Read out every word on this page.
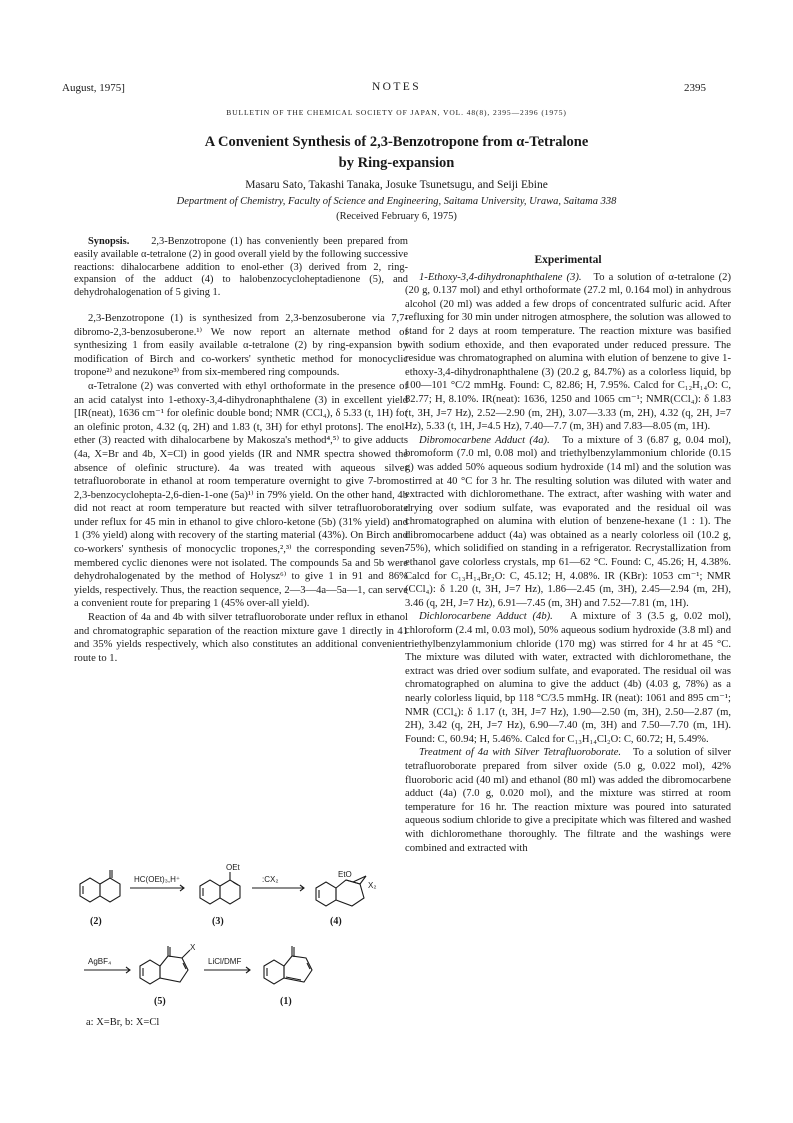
August, 1975]	NOTES	2395
BULLETIN OF THE CHEMICAL SOCIETY OF JAPAN, VOL. 48(8), 2395—2396 (1975)
A Convenient Synthesis of 2,3-Benzotropone from α-Tetralone
by Ring-expansion
Masaru Sato, Takashi Tanaka, Josuke Tsunetsugu, and Seiji Ebine
Department of Chemistry, Faculty of Science and Engineering, Saitama University, Urawa, Saitama 338
(Received February 6, 1975)

Synopsis. 2,3-Benzotropone (1) has conveniently been prepared from easily available α-tetralone (2) in good overall yield by the following successive reactions: dihalocarbene addition to enol-ether (3) derived from 2, ring-expansion of the adduct (4) to halobenzocycloheptadienone (5), and dehydrohalogenation of 5 giving 1.

2,3-Benzotropone (1) is synthesized from 2,3-benzosuberone via 7,7-dibromo-2,3-benzosuberone.¹⁾ We now report an alternate method of synthesizing 1 from easily available α-tetralone (2) by ring-expansion by modification of Birch and co-workers' synthetic method for monocyclic tropone²⁾ and nezukone³⁾ from six-membered ring compounds.

α-Tetralone (2) was converted with ethyl orthoformate in the presence of an acid catalyst into 1-ethoxy-3,4-dihydronaphthalene (3) in excellent yield [IR(neat), 1636 cm⁻¹ for olefinic double bond; NMR (CCl₄), δ 5.33 (t, 1H) for an olefinic proton, 4.32 (q, 2H) and 1.83 (t, 3H) for ethyl protons]. The enol-ether (3) reacted with dihalocarbene by Makosza's method⁴,⁵⁾ to give adducts (4a, X=Br and 4b, X=Cl) in good yields (IR and NMR spectra showed the absence of olefinic structure). 4a was treated with aqueous silver tetrafluoroborate in ethanol at room temperature overnight to give 7-bromo-2,3-benzocyclohepta-2,6-dien-1-one (5a)¹⁾ in 79% yield. On the other hand, 4b did not react at room temperature but reacted with silver tetrafluoroborate under reflux for 45 min in ethanol to give chloro-ketone (5b) (31% yield) and 1 (3% yield) along with recovery of the starting material (43%). On Birch and co-workers' synthesis of monocyclic tropones,²,³⁾ the corresponding seven-membered cyclic dienones were not isolated. The compounds 5a and 5b were dehydrohalogenated by the method of Holysz⁶⁾ to give 1 in 91 and 86% yields, respectively. Thus, the reaction sequence, 2—3—4a—5a—1, can serve a convenient route for preparing 1 (45% over-all yield).

Reaction of 4a and 4b with silver tetrafluoroborate under reflux in ethanol and chromatographic separation of the reaction mixture gave 1 directly in 41 and 35% yields respectively, which also constitutes an additional convenient route to 1.

HC(OEt)₃,H⁺	:CX₂
AgBF₄	LiCl/DMF
OEt
EtO
X₂
X
(2)	(3)	(4)
(5)	(1)
a: X=Br, b: X=Cl
Experimental

1-Ethoxy-3,4-dihydronaphthalene (3). To a solution of α-tetralone (2) (20 g, 0.137 mol) and ethyl orthoformate (27.2 ml, 0.164 mol) in anhydrous alcohol (20 ml) was added a few drops of concentrated sulfuric acid. After refluxing for 30 min under nitrogen atmosphere, the solution was allowed to stand for 2 days at room temperature. The reaction mixture was basified with sodium ethoxide, and then evaporated under reduced pressure. The residue was chromatographed on alumina with elution of benzene to give 1-ethoxy-3,4-dihydronaphthalene (3) (20.2 g, 84.7%) as a colorless liquid, bp 100—101 °C/2 mmHg. Found: C, 82.86; H, 7.95%. Calcd for C₁₂H₁₄O: C, 82.77; H, 8.10%. IR(neat): 1636, 1250 and 1065 cm⁻¹; NMR(CCl₄): δ 1.83 (t, 3H, J=7 Hz), 2.52—2.90 (m, 2H), 3.07—3.33 (m, 2H), 4.32 (q, 2H, J=7 Hz), 5.33 (t, 1H, J=4.5 Hz), 7.40—7.7 (m, 3H) and 7.83—8.05 (m, 1H).

Dibromocarbene Adduct (4a). To a mixture of 3 (6.87 g, 0.04 mol), bromoform (7.0 ml, 0.08 mol) and triethylbenzylammonium chloride (0.15 g) was added 50% aqueous sodium hydroxide (14 ml) and the solution was stirred at 40 °C for 3 hr. The resulting solution was diluted with water and extracted with dichloromethane. The extract, after washing with water and drying over sodium sulfate, was evaporated and the residual oil was chromatographed on alumina with elution of benzene-hexane (1 : 1). The dibromocarbene adduct (4a) was obtained as a nearly colorless oil (10.2 g, 75%), which solidified on standing in a refrigerator. Recrystallization from ethanol gave colorless crystals, mp 61—62 °C. Found: C, 45.26; H, 4.38%. Calcd for C₁₃H₁₄Br₂O: C, 45.12; H, 4.08%. IR (KBr): 1053 cm⁻¹; NMR (CCl₄): δ 1.20 (t, 3H, J=7 Hz), 1.86—2.45 (m, 3H), 2.45—2.94 (m, 2H), 3.46 (q, 2H, J=7 Hz), 6.91—7.45 (m, 3H) and 7.52—7.81 (m, 1H).

Dichlorocarbene Adduct (4b). A mixture of 3 (3.5 g, 0.02 mol), chloroform (2.4 ml, 0.03 mol), 50% aqueous sodium hydroxide (3.8 ml) and triethylbenzylammonium chloride (170 mg) was stirred for 4 hr at 45 °C. The mixture was diluted with water, extracted with dichloromethane, the extract was dried over sodium sulfate, and evaporated. The residual oil was chromatographed on alumina to give the adduct (4b) (4.03 g, 78%) as a nearly colorless liquid, bp 118 °C/3.5 mmHg. IR (neat): 1061 and 895 cm⁻¹; NMR (CCl₄): δ 1.17 (t, 3H, J=7 Hz), 1.90—2.50 (m, 3H), 2.50—2.87 (m, 2H), 3.42 (q, 2H, J=7 Hz), 6.90—7.40 (m, 3H) and 7.50—7.70 (m, 1H). Found: C, 60.94; H, 5.46%. Calcd for C₁₃H₁₄Cl₂O: C, 60.72; H, 5.49%.

Treatment of 4a with Silver Tetrafluoroborate. To a solution of silver tetrafluoroborate prepared from silver oxide (5.0 g, 0.022 mol), 42% fluoroboric acid (40 ml) and ethanol (80 ml) was added the dibromocarbene adduct (4a) (7.0 g, 0.020 mol), and the mixture was stirred at room temperature for 16 hr. The reaction mixture was poured into saturated aqueous sodium chloride to give a precipitate which was filtered and washed with dichloromethane thoroughly. The filtrate and the washings were combined and extracted with
